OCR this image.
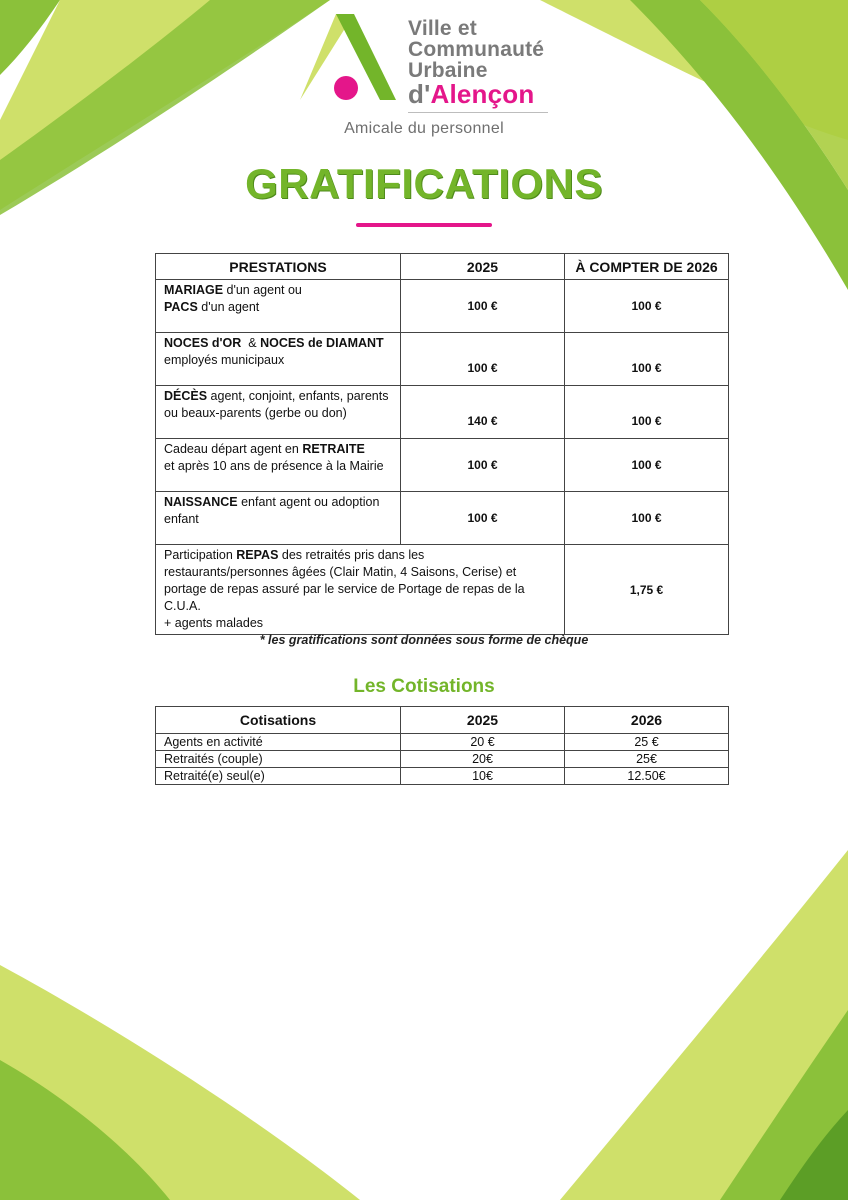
Ville et
Communauté
Urbaine
d'Alençon
Amicale du personnel
GRATIFICATIONS
PRESTATIONS	2025	À COMPTER DE 2026
MARIAGE d'un agent ou
PACS d'un agent	100 €	100 €
NOCES d'OR  & NOCES de DIAMANT
employés municipaux	100 €	100 €
DÉCÈS agent, conjoint, enfants, parents
ou beaux-parents (gerbe ou don)	140 €	100 €
Cadeau départ agent en RETRAITE
et après 10 ans de présence à la Mairie	100 €	100 €
NAISSANCE enfant agent ou adoption
enfant	100 €	100 €
Participation REPAS des retraités pris dans les
restaurants/personnes âgées (Clair Matin, 4 Saisons, Cerise) et
portage de repas assuré par le service de Portage de repas de la
C.U.A.
+ agents malades		1,75 €
* les gratifications sont données sous forme de chèque
Les Cotisations
Cotisations	2025	2026
Agents en activité	20 €	25 €
Retraités (couple)	20€	25€
Retraité(e) seul(e)	10€	12.50€
